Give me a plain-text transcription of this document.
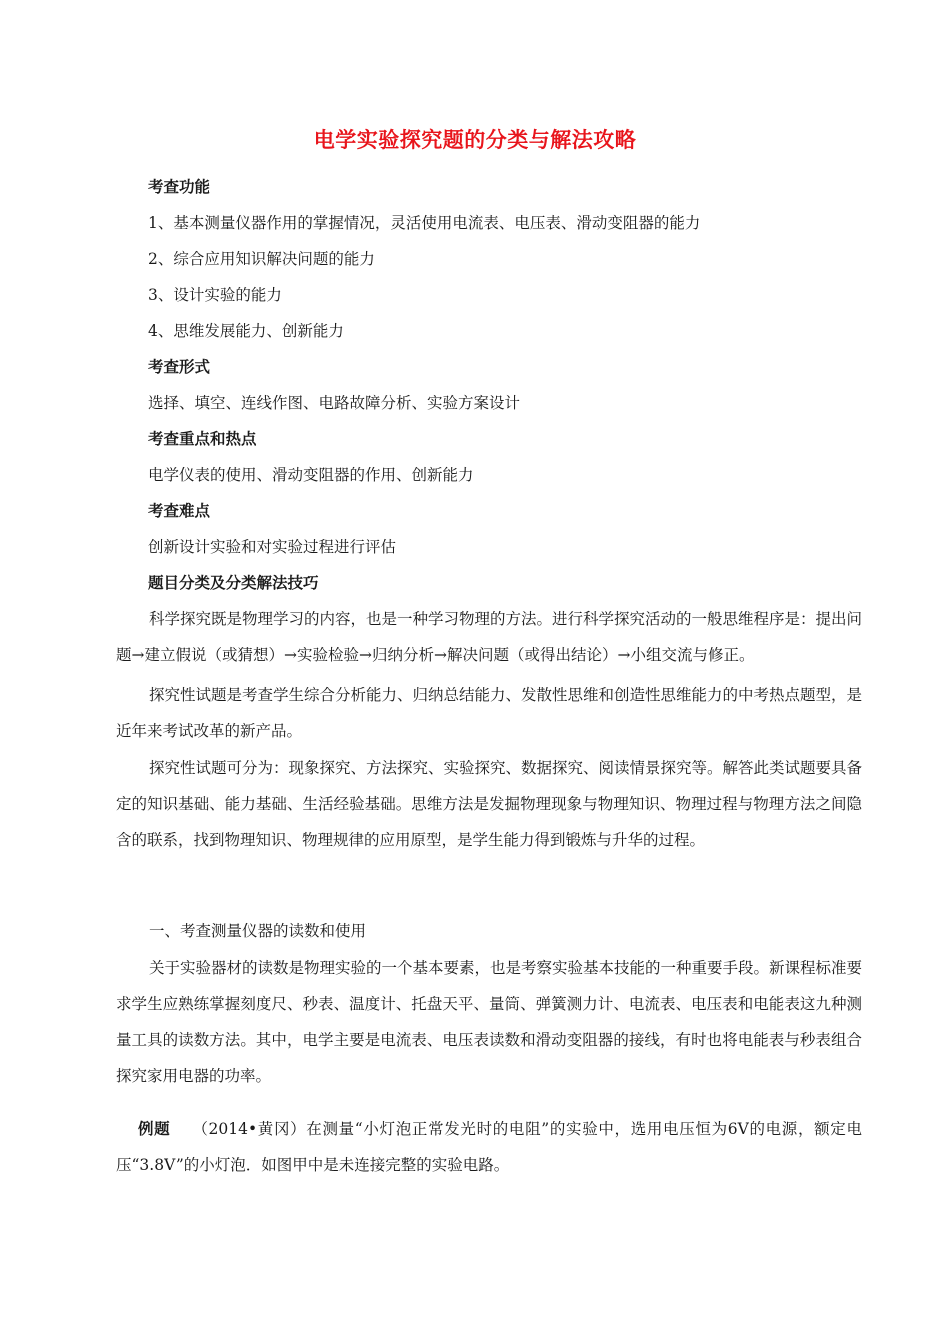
电学实验探究题的分类与解法攻略
考查功能
1、基本测量仪器作用的掌握情况，灵活使用电流表、电压表、滑动变阻器的能力
2、综合应用知识解决问题的能力
3、设计实验的能力
4、思维发展能力、创新能力
考查形式
选择、填空、连线作图、电路故障分析、实验方案设计
考查重点和热点
电学仪表的使用、滑动变阻器的作用、创新能力
考查难点
创新设计实验和对实验过程进行评估
题目分类及分类解法技巧
科学探究既是物理学习的内容，也是一种学习物理的方法。进行科学探究活动的一般思维程序是：提出问题→建立假说（或猜想）→实验检验→归纳分析→解决问题（或得出结论）→小组交流与修正。
探究性试题是考查学生综合分析能力、归纳总结能力、发散性思维和创造性思维能力的中考热点题型，是近年来考试改革的新产品。
探究性试题可分为：现象探究、方法探究、实验探究、数据探究、阅读情景探究等。解答此类试题要具备定的知识基础、能力基础、生活经验基础。思维方法是发掘物理现象与物理知识、物理过程与物理方法之间隐含的联系，找到物理知识、物理规律的应用原型，是学生能力得到锻炼与升华的过程。
一、考查测量仪器的读数和使用
关于实验器材的读数是物理实验的一个基本要素，也是考察实验基本技能的一种重要手段。新课程标准要求学生应熟练掌握刻度尺、秒表、温度计、托盘天平、量筒、弹簧测力计、电流表、电压表和电能表这九种测量工具的读数方法。其中，电学主要是电流表、电压表读数和滑动变阻器的接线，有时也将电能表与秒表组合探究家用电器的功率。
例题 （2014•黄冈）在测量“小灯泡正常发光时的电阻”的实验中，选用电压恒为6V的电源，额定电压“3.8V”的小灯泡．如图甲中是未连接完整的实验电路。
